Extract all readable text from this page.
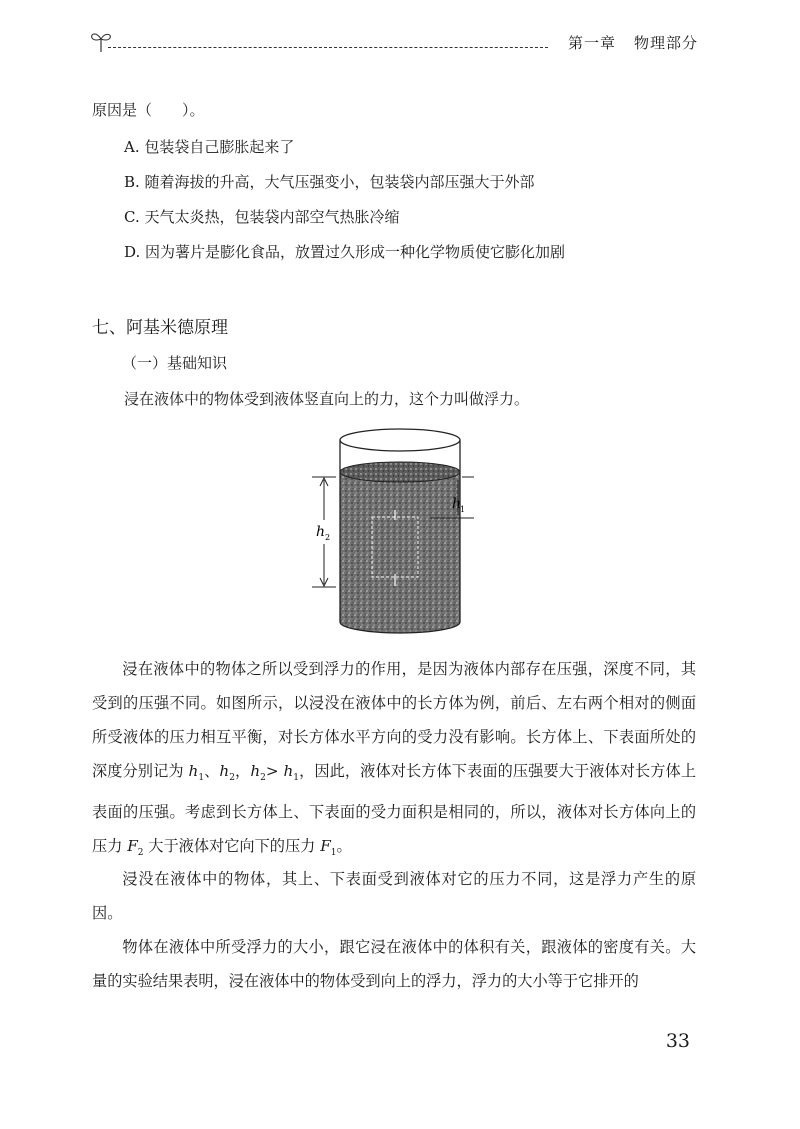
第一章 物理部分
原因是（　　）。
A. 包装袋自己膨胀起来了
B. 随着海拔的升高，大气压强变小，包装袋内部压强大于外部
C. 天气太炎热，包装袋内部空气热胀冷缩
D. 因为薯片是膨化食品，放置过久形成一种化学物质使它膨化加剧
七、阿基米德原理
（一）基础知识
浸在液体中的物体受到液体竖直向上的力，这个力叫做浮力。
h 2
h
1
浸在液体中的物体之所以受到浮力的作用，是因为液体内部存在压强，深度不同，其受到的压强不同。如图所示，以浸没在液体中的长方体为例，前后、左右两个相对的侧面所受液体的压力相互平衡，对长方体水平方向的受力没有影响。长方体上、下表面所处的深度分别记为 $h_1$、$h_2$，$h_2> h_1$，因此，液体对长方体下表面的压强要大于液体对长方体上表面的压强。考虑到长方体上、下表面的受力面积是相同的，所以，液体对长方体向上的压力 $F_2$ 大于液体对它向下的压力 $F_1$。
浸没在液体中的物体，其上、下表面受到液体对它的压力不同，这是浮力产生的原因。
物体在液体中所受浮力的大小，跟它浸在液体中的体积有关，跟液体的密度有关。大量的实验结果表明，浸在液体中的物体受到向上的浮力，浮力的大小等于它排开的
33
